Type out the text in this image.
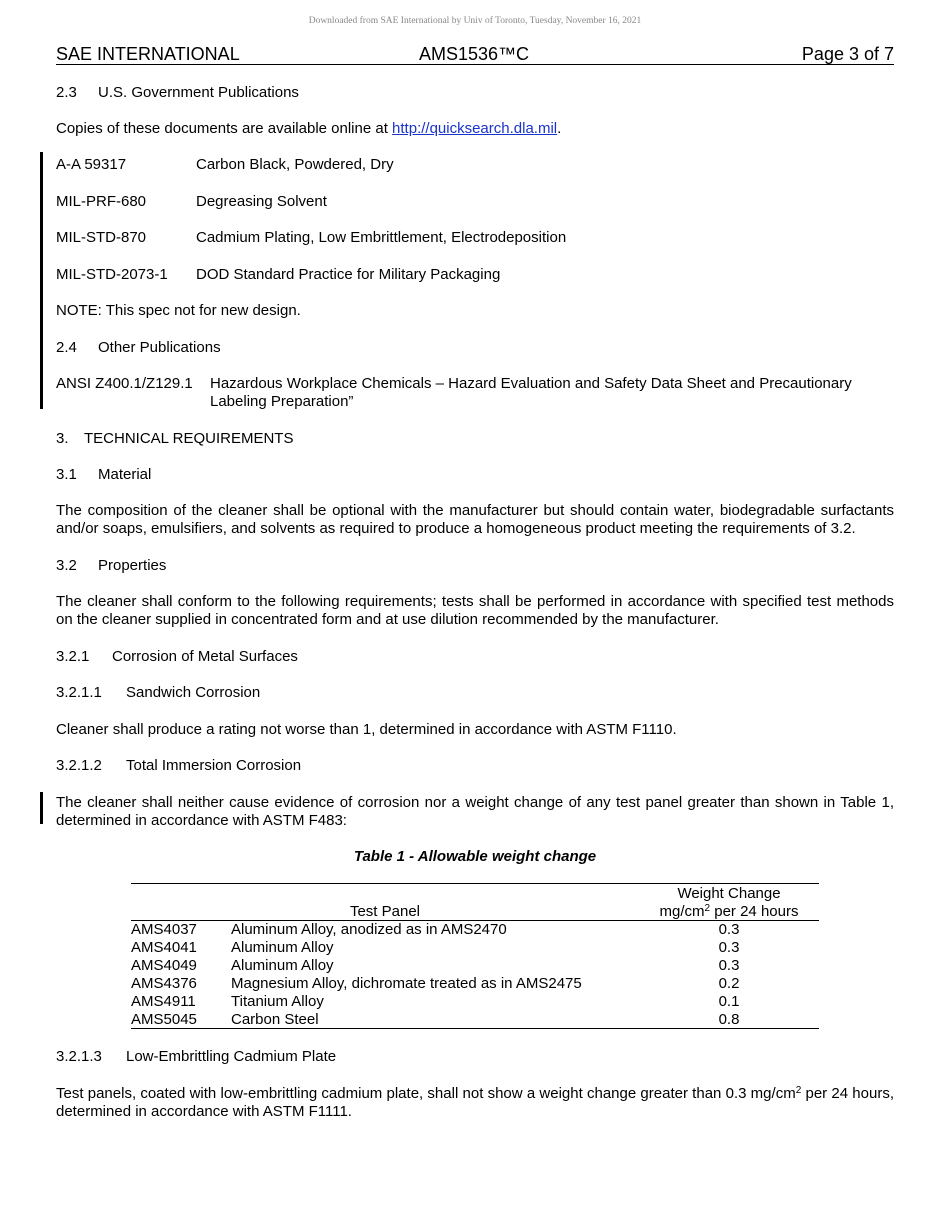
Downloaded from SAE International by Univ of Toronto, Tuesday, November 16, 2021
SAE INTERNATIONAL	AMS1536™C	Page 3 of 7
2.3 U.S. Government Publications
Copies of these documents are available online at http://quicksearch.dla.mil.
A-A 59317	Carbon Black, Powdered, Dry
MIL-PRF-680	Degreasing Solvent
MIL-STD-870	Cadmium Plating, Low Embrittlement, Electrodeposition
MIL-STD-2073-1 DOD Standard Practice for Military Packaging
NOTE: This spec not for new design.
2.4 Other Publications
ANSI Z400.1/Z129.1 Hazardous Workplace Chemicals – Hazard Evaluation and Safety Data Sheet and Precautionary Labeling Preparation”
3. TECHNICAL REQUIREMENTS
3.1 Material
The composition of the cleaner shall be optional with the manufacturer but should contain water, biodegradable surfactants and/or soaps, emulsifiers, and solvents as required to produce a homogeneous product meeting the requirements of 3.2.
3.2 Properties
The cleaner shall conform to the following requirements; tests shall be performed in accordance with specified test methods on the cleaner supplied in concentrated form and at use dilution recommended by the manufacturer.
3.2.1 Corrosion of Metal Surfaces
3.2.1.1 Sandwich Corrosion
Cleaner shall produce a rating not worse than 1, determined in accordance with ASTM F1110.
3.2.1.2 Total Immersion Corrosion
The cleaner shall neither cause evidence of corrosion nor a weight change of any test panel greater than shown in Table 1, determined in accordance with ASTM F483:
Table 1 - Allowable weight change
Weight Change
Test Panel	$mg/cm^2$ per 24 hours
AMS4037 Aluminum Alloy, anodized as in AMS2470	0.3
AMS4041 Aluminum Alloy	0.3
AMS4049 Aluminum Alloy	0.3
AMS4376 Magnesium Alloy, dichromate treated as in AMS2475	0.2
AMS4911 Titanium Alloy	0.1
AMS5045 Carbon Steel	0.8
3.2.1.3 Low-Embrittling Cadmium Plate
Test panels, coated with low-embrittling cadmium plate, shall not show a weight change greater than 0.3 $mg/cm^2$ per 24 hours, determined in accordance with ASTM F1111.
